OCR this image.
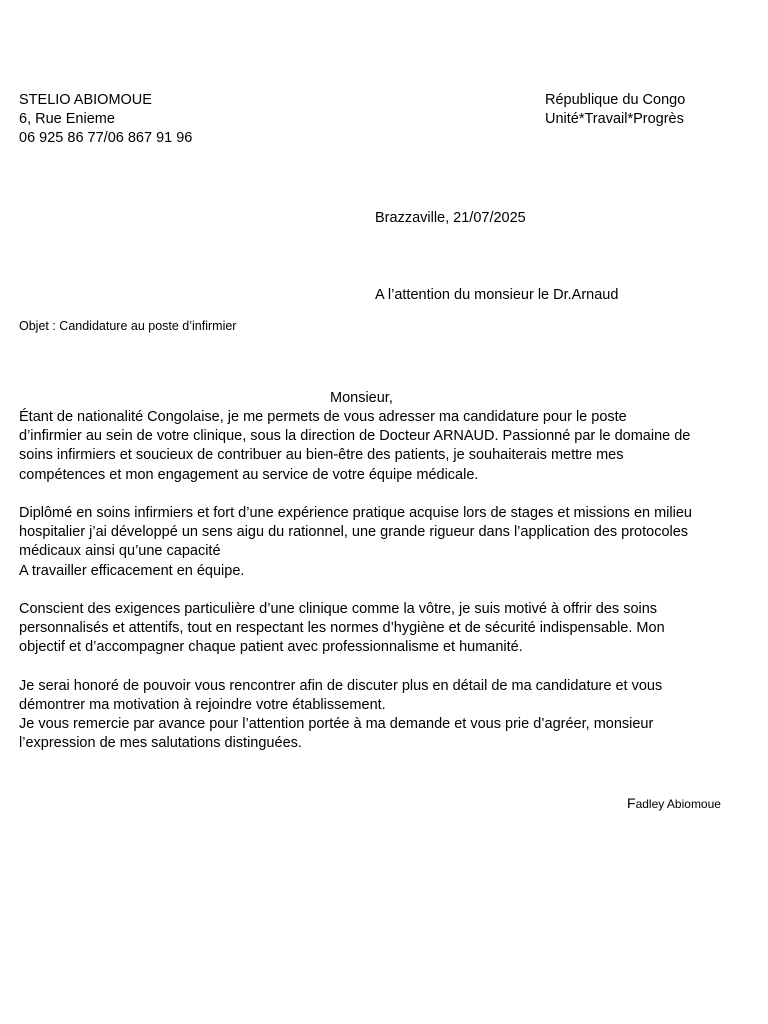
STELIO ABIOMOUE
6, Rue Enieme
06 925 86 77/06 867 91 96
République du Congo
Unité*Travail*Progrès
Brazzaville, 21/07/2025
A l’attention du monsieur le Dr.Arnaud
Objet : Candidature au poste d’infirmier
Monsieur,

Étant de nationalité Congolaise, je me permets de vous adresser ma candidature pour le poste
d’infirmier au sein de votre clinique, sous la direction de Docteur ARNAUD. Passionné par le domaine de
soins infirmiers et soucieux de contribuer au bien-être des patients, je souhaiterais mettre mes
compétences et mon engagement au service de votre équipe médicale.

Diplômé en soins infirmiers et fort d’une expérience pratique acquise lors de stages et missions en milieu
hospitalier j’ai développé un sens aigu du rationnel, une grande rigueur dans l’application des protocoles
médicaux ainsi qu’une capacité
A travailler efficacement en équipe.

Conscient des exigences particulière d’une clinique comme la vôtre, je suis motivé à offrir des soins
personnalisés et attentifs, tout en respectant les normes d’hygiène et de sécurité indispensable. Mon
objectif et d’accompagner chaque patient avec professionnalisme et humanité.

Je serai honoré de pouvoir vous rencontrer afin de discuter plus en détail de ma candidature et vous
démontrer ma motivation à rejoindre votre établissement.
Je vous remercie par avance pour l’attention portée à ma demande et vous prie d’agréer, monsieur
l’expression de mes salutations distinguées.

Fadley Abiomoue
